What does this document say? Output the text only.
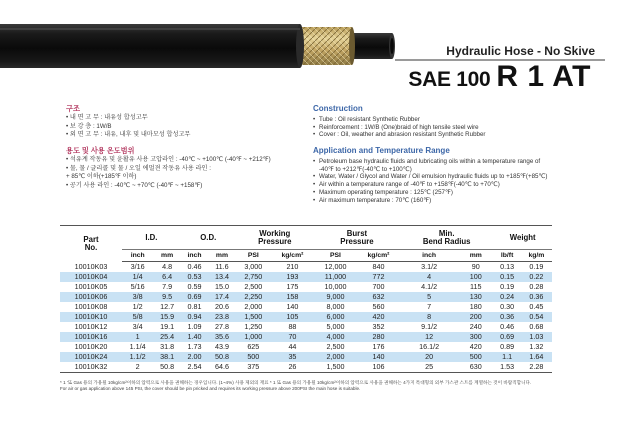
Hydraulic Hose - No Skive
SAE 100 R 1 AT
구조
• 내 면 고 무 : 내유성 합성고무
• 보 강 층 : 1W/B
• 외 면 고 무 : 내유, 내후 및 내마모성 합성고무
용도 및 사용 온도범위
• 석유계 작동유 및 윤활유 사용 고압라인 : -40℃ ~ +100℃ (-40℉ ~ +212℉)
• 물, 물 / 글리콜 및 물 / 오일 에멀젼 작동유 사용 라인 :
+ 85℃ 이하(+185℉ 이하)
• 공기 사용 라인 : -40℃ ~ +70℃ (-40℉ ~ +158℉)
Construction
• Tube : Oil resistant Synthetic Rubber
• Reinforcement : 1W/B (One)braid of high tensile steel wire
• Cover : Oil, weather and abrasion resistant Synthetic Rubber
Application and Temperature Range
• Petroleum base hydraulic fluids and lubricating oils within a temperature range of -40℉ to +212℉(-40℃ to +100℃)
• Water, Water / Glycol and Water / Oil emulsion hydraulic fluids up to +185℉(+85℃)
• Air within a temperature range of -40℉ to +158℉(-40℃ to +70℃)
• Maximum operating temperature : 125℃ (257℉)
• Air maximum temperature : 70℃ (160℉)
Part
No.	I.D.		O.D.		Working
Pressure		Burst
Pressure		Min.
Bend Radius		Weight	
	inch	mm	inch	mm	PSI	kg/cm²	PSI	kg/cm²	inch	mm	lb/ft	kg/m
10010K03	3/16	4.8	0.46	11.6	3,000	210	12,000	840	3.1/2	90	0.13	0.19
10010K04	1/4	6.4	0.53	13.4	2,750	193	11,000	772	4	100	0.15	0.22
10010K05	5/16	7.9	0.59	15.0	2,500	175	10,000	700	4.1/2	115	0.19	0.28
10010K06	3/8	9.5	0.69	17.4	2,250	158	9,000	632	5	130	0.24	0.36
10010K08	1/2	12.7	0.81	20.6	2,000	140	8,000	560	7	180	0.30	0.45
10010K10	5/8	15.9	0.94	23.8	1,500	105	6,000	420	8	200	0.36	0.54
10010K12	3/4	19.1	1.09	27.8	1,250	88	5,000	352	9.1/2	240	0.46	0.68
10010K16	1	25.4	1.40	35.6	1,000	70	4,000	280	12	300	0.69	1.03
10010K20	1.1/4	31.8	1.73	43.9	625	44	2,500	176	16.1/2	420	0.89	1.32
10010K24	1.1/2	38.1	2.00	50.8	500	35	2,000	140	20	500	1.1	1.64
10010K32	2	50.8	2.54	64.6	375	26	1,500	106	25	630	1.53	2.28
* 1 '또 Gas 용의 가용될 10kg/cm²이하의 압력으로 사용을 권해하는 경우입니다. (1~4%) 사용 제외의 재료 * 1 또 Gas 용의 가용될 10kg/cm²이하의 압력으로 사용을 권해하는 4가지 특대형의 외부 가스관 스트를 계열하는 것이 바람직합니다.
For air or gas application above 145 PSI, the cover should be pin pricked and requires its working pressure above 200PSI the main hose is suitable.
